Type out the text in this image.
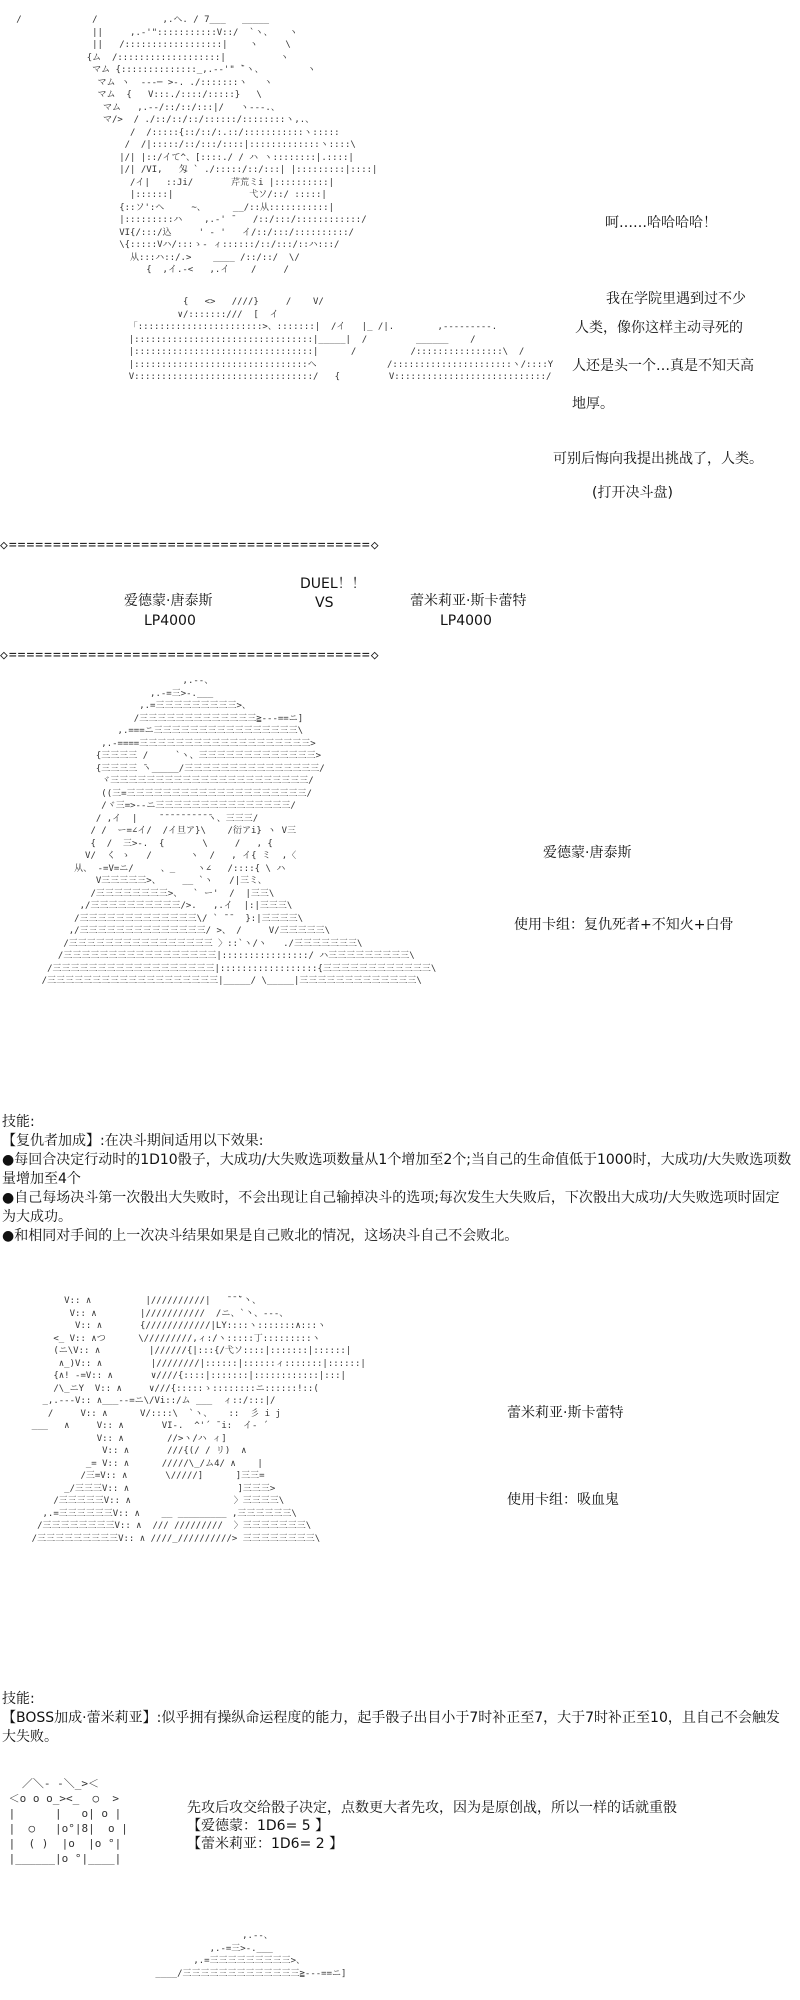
/             /            ,.ヘ. / 7___   _____
||     ,.-'":::::::::::V::/  `ヽ、   ヽ
||   /::::::::::::::::::|    ヽ     \
{ム  /:::::::::::::::::::|          ヽ
マム {::::::::::::::_,.-‐'" ̄`ヽ、        ヽ
マム ヽ  ---─ >-. ./:::::::ヽ   ヽ
マム  {   V:::./::::/:::::}   \
マム   ,.--/::/::/:::|/   ヽ--‐.、
マ/>  / ./::/::/::/::::::/::::::::ヽ,.、
/  /:::::{::/::/:.::/:::::::::::ヽ:::::
/  /|:::::/::/:::/::::|:::::::::::::ヽ::::\
|/| |::/イて^、[::::./ / ハ ヽ::::::::|.::::|
|/| /VI,   匁 ` ./:::::/::/:::| |:::::::::|::::|
/イ|   ::Ji/       芹荒ミi |::::::::::|
|::::::|              弋ソ/::/ :::::|
{::ソ':ヘ     ~、     __/::从:::::::::::|
|:::::::::ハ    ,.-' ̄    /::/:::/::::::::::::/
VI{/:::/込     ' ‐ '   イ/::/:::/::::::::::/
\{:::::Vハ/:::ゝ- ィ::::::/::/:::/::ハ:::/
从:::ハ::/.>    ____ /::/::/  \/
{  ,イ.-<   ,.イ    /     /

{   <>   ////}     /    V/
∨/:::::::///  [  イ
「:::::::::::::::::::::::>、:::::::|  /イ   |_ /|.        ,---------.
|:::::::::::::::::::::::::::::::::|_____|  /         ______    /
|:::::::::::::::::::::::::::::::::|      /          /::::::::::::::::\  /
|::::::::::::::::::::::::::::::::ヘ             /::::::::::::::::::::::ヽ/::::Y
V:::::::::::::::::::::::::::::::::/   {         V::::::::::::::::::::::::::::/

呵……哈哈哈哈！
我在学院里遇到过不少
人类，像你这样主动寻死的
人还是头一个…真是不知天高
地厚。
可别后悔向我提出挑战了，人类。
(打开决斗盘)
◇=========================================◇
DUEL！！
爱德蒙·唐泰斯	VS	蕾米莉亚·斯卡蕾特
LP4000	LP4000
◇=========================================◇
,.--、
,.-=三>-.___
,.=三三三三三三三三三>、
/三三三三三三三三三三三三三≧‐--==ニ]
,.===ニ三三三三三三三三三三三三三三三三\
,.-====三三三三三三三三三三三三三三三三三三三>
{三三三三 /     `ヽ、三三三三三三三三三三三三三>
{三三三三 ̄ヽ_____/三三三三三三三三三三三三三三三/
ヾ三三三三三三三三三三三三三三三三三三三三三三/
((三=三三三三三三三三三三三三三三三三三三三三/
/ヾ三=>--ニ三三三三三三三三三三三三三三三/
/ ,イ  |    ̄ ̄ ̄ ̄ ̄ ̄ ̄ ̄ ̄ ̄ヽ、三三三/
/ /  ー=∠イ/  /イ旦ア}\    /衍アi} ヽ V三
{  /  三>-.  {       \     /   , {
V/  く ゝ   /       ヽ  /   , イ{ ミ  ,〈
从、 -=V=ニ/     、_    ヽ∠   /::::{ \ ハ
V三三三三三>、    __ `ヽ   /|三ミ、
/三三三三三三三三>、  ` ー'  /  |三三\
,/三三三三三三三三三三/>.   ,.イ  |:|三三三\
/三三三三三三三三三三三三三\/ ` ̄ ̄   }:|三三三三\
,/三三三三三三三三三三三三三三/ >、 /     V/三三三三三\
/三三三三三三三三三三三三三三三三 〉::`ヽ/ヽ   ./三三三三三三三\
/三三三三三三三三三三三三三三三三三|::::::::::::::::/ ハ三三三三三三三三三\
/三三三三三三三三三三三三三三三三三三|::::::::::::::::::{三三三三三三三三三三三三\
/三三三三三三三三三三三三三三三三三三三|_____/ \_____|三三三三三三三三三三三三三\

爱德蒙·唐泰斯
使用卡组：复仇死者+不知火+白骨
技能:
【复仇者加成】:在决斗期间适用以下效果:
●每回合决定行动时的1D10骰子，大成功/大失败选项数量从1个增加至2个;当自己的生命值低于1000时，大成功/大失败选项数量增加至4个
●自己每场决斗第一次骰出大失败时，不会出现让自己输掉决斗的选项;每次发生大失败后，下次骰出大成功/大失败选项时固定为大成功。
●和相同对手间的上一次决斗结果如果是自己败北的情况，这场决斗自己不会败北。
V:: ∧          |//////////|   ̄ ̄ ̄`丶、
V:: ∧        |///////////  /ニ、`丶、-‐-、
V:: ∧       {////////////|LY::::ヽ:::::::∧:::ヽ
<_ V:: ∧つ      \/////////,ィ:/ヽ:::::丁:::::::::ヽ
(ニ\V:: ∧         |//////{|:::{/弋ソ::::|:::::::|::::::|
∧_)V:: ∧         |////////|::::::|::::::ィ:::::::|::::::|
{∧! ‐=V:: ∧       ∨////{::::|:::::::|::::::::::::|:::|
/\_ニY  V:: ∧     ∨///{:::::ゝ::::::::ニ::::::!::(
_,.-‐‐V:: ∧___--=ニ\/Vi::/ム ___  ィ::/:::|/
/     V:: ∧      V/::::\  `ヽ、   ::  彡 i j
___   ∧     V:: ∧       VI-.  ^'´ ̄ i:  イ- ´
V:: ∧        //>ヽ/ハ ィ]
V:: ∧       ///{(/ / リ)  ∧
_= V:: ∧      /////\_/ム4/ ∧    |
/三=V:: ∧       \/////]      ]三三=
_/三三三V:: ∧                    ]三三三>
/三三三三三V:: ∧                   〉三三三三\
,.=三三三三三三V:: ∧    __ _________ ,三三三三三三\
/三三三三三三三三V:: ∧  /// /////////  〉三三三三三三三\
/三三三三三三三三三V:: ∧ ////_//////////> 三三三三三三三三\

蕾米莉亚·斯卡蕾特
使用卡组：吸血鬼
技能:
【BOSS加成·蕾米莉亚】:似乎拥有操纵命运程度的能力，起手骰子出目小于7时补正至7，大于7时补正至10，且自己不会触发大失败。
／＼- -＼_>＜
＜o o o_><_  ○  >
|      |   o| o |
|  ○   |o°|8|  o |
|  ( )  |o  |o °|
|______|o °|____|

先攻后攻交给骰子决定，点数更大者先攻，因为是原创战，所以一样的话就重骰
【爱德蒙：1D6= 5 】
【蕾米莉亚：1D6= 2 】
,.--、
,.-=三>-.___
,.=三三三三三三三三三>、
____/三三三三三三三三三三三三三≧‐--==ニ]
